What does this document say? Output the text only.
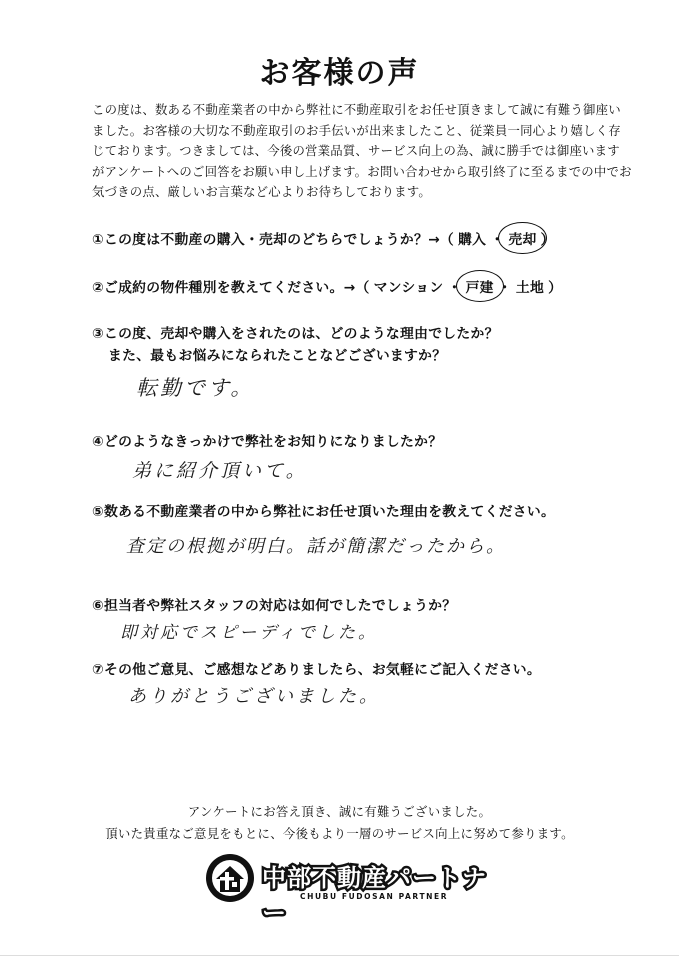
お客様の声
この度は、数ある不動産業者の中から弊社に不動産取引をお任せ頂きまして誠に有難う御座いました。お客様の大切な不動産取引のお手伝いが出来ましたこと、従業員一同心より嬉しく存じております。つきましては、今後の営業品質、サービス向上の為、誠に勝手では御座いますがアンケートへのご回答をお願い申し上げます。お問い合わせから取引終了に至るまでの中でお気づきの点、厳しいお言葉など心よりお待ちしております。
①この度は不動産の購入・売却のどちらでしょうか？→（ 購入 ・ 売却 ）
②ご成約の物件種別を教えてください。→（ マンション ・ 戸建 ・ 土地 ）
③この度、売却や購入をされたのは、どのような理由でしたか？
また、最もお悩みになられたことなどございますか？
転勤です。
④どのようなきっかけで弊社をお知りになりましたか？
弟に紹介頂いて。
⑤数ある不動産業者の中から弊社にお任せ頂いた理由を教えてください。
査定の根拠が明白。話が簡潔だったから。
⑥担当者や弊社スタッフの対応は如何でしたでしょうか？
即対応でスピーディでした。
⑦その他ご意見、ご感想などありましたら、お気軽にご記入ください。
ありがとうございました。
アンケートにお答え頂き、誠に有難うございました。
頂いた貴重なご意見をもとに、今後もより一層のサービス向上に努めて参ります。
中部不動産パートナー
CHUBU FUDOSAN PARTNER
